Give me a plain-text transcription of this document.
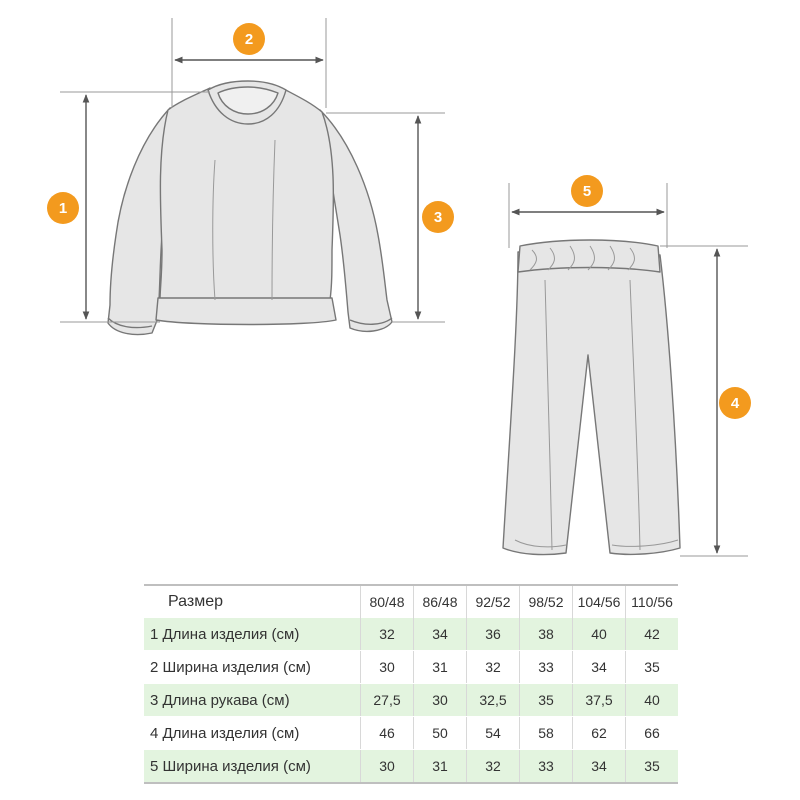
1
2
3
5
4
Размер	80/48	86/48	92/52	98/52	104/56	110/56
1 Длина изделия (см)	32	34	36	38	40	42
2 Ширина изделия (см)	30	31	32	33	34	35
3 Длина рукава (см)	27,5	30	32,5	35	37,5	40
4 Длина изделия (см)	46	50	54	58	62	66
5 Ширина изделия (см)	30	31	32	33	34	35
